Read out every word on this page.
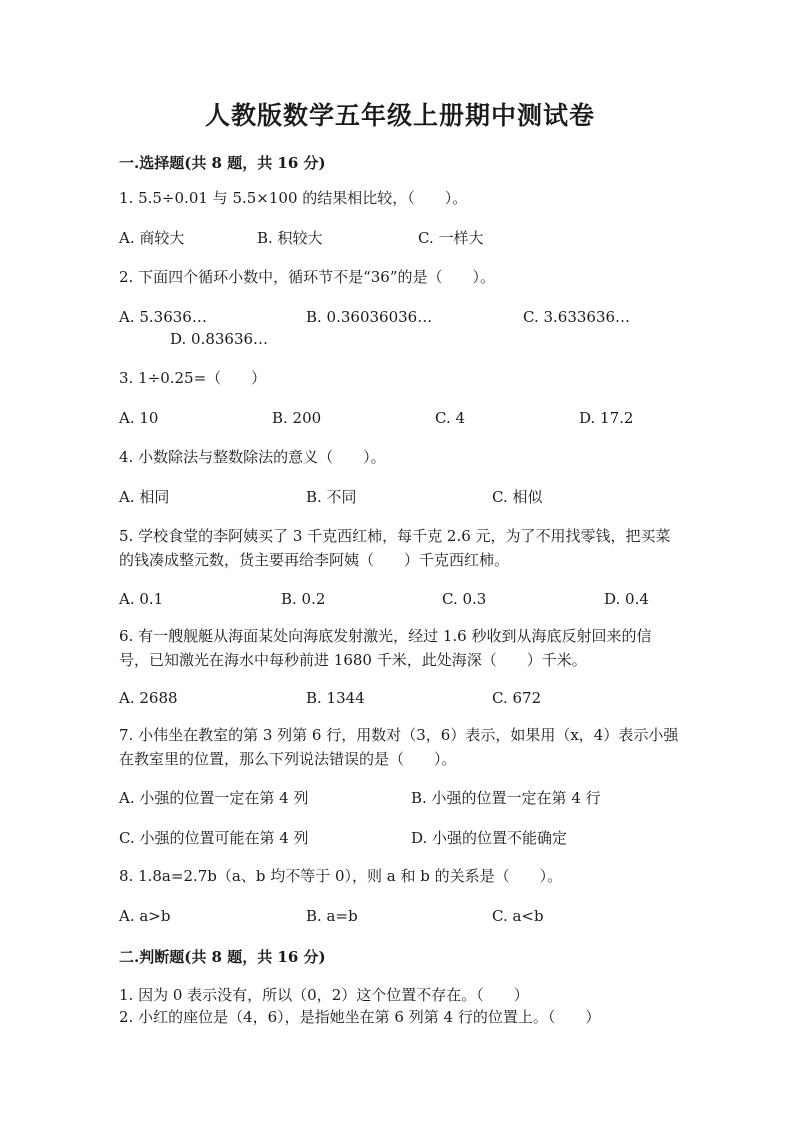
人教版数学五年级上册期中测试卷
一.选择题(共 8 题，共 16 分)
1. 5.5÷0.01 与 5.5×100 的结果相比较，（　　）。
A. 商较大	B. 积较大	C. 一样大
2. 下面四个循环小数中，循环节不是“36”的是（　　）。
A. 5.3636…	B. 0.36036036…	C. 3.633636…
D. 0.83636…
3. 1÷0.25=（　　）
A. 10	B. 200	C. 4	D. 17.2
4. 小数除法与整数除法的意义（　　）。
A. 相同	B. 不同	C. 相似
5. 学校食堂的李阿姨买了 3 千克西红柿，每千克 2.6 元，为了不用找零钱，把买菜的钱凑成整元数，货主要再给李阿姨（　　）千克西红柿。
A. 0.1	B. 0.2	C. 0.3	D. 0.4
6. 有一艘舰艇从海面某处向海底发射激光，经过 1.6 秒收到从海底反射回来的信号，已知激光在海水中每秒前进 1680 千米，此处海深（　　）千米。
A. 2688	B. 1344	C. 672
7. 小伟坐在教室的第 3 列第 6 行，用数对（3，6）表示，如果用（x，4）表示小强在教室里的位置，那么下列说法错误的是（　　）。
A. 小强的位置一定在第 4 列	B. 小强的位置一定在第 4 行
C. 小强的位置可能在第 4 列	D. 小强的位置不能确定
8. 1.8a=2.7b（a、b 均不等于 0），则 a 和 b 的关系是（　　）。
A. a>b	B. a=b	C. a<b
二.判断题(共 8 题，共 16 分)
1. 因为 0 表示没有，所以（0，2）这个位置不存在。（　　）
2. 小红的座位是（4，6），是指她坐在第 6 列第 4 行的位置上。（　　）
